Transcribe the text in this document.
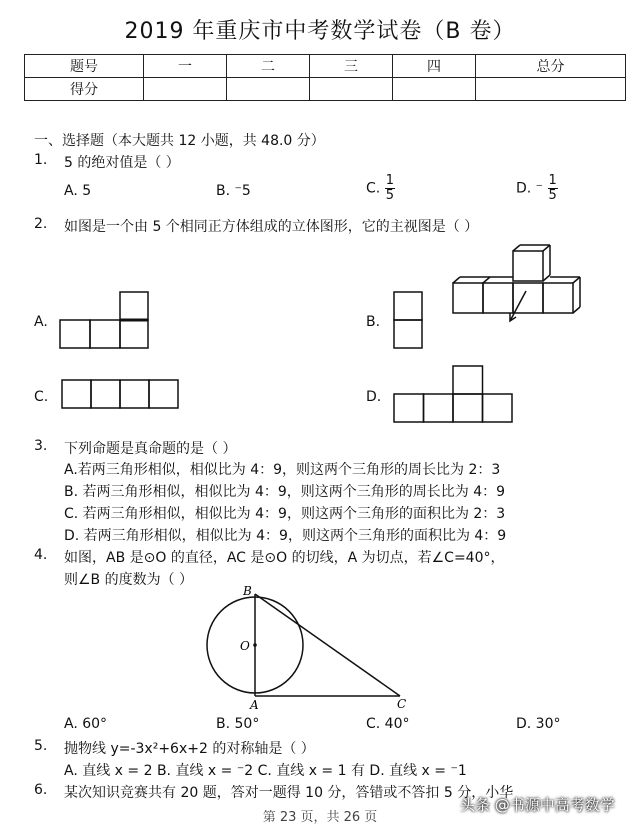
2019 年重庆市中考数学试卷（B 卷）
题号	一	二	三	四	总分
得分					
一、选择题（本大题共 12 小题，共 48.0 分）
1. 5 的绝对值是（ ）
A. 5	B. ⁻5	C. $\frac{1}{5}$	D. ⁻ $\frac{1}{5}$
2. 如图是一个由 5 个相同正方体组成的立体图形，它的主视图是（ ）
A.	B.
C.	D.
3. 下列命题是真命题的是（ ）
A.若两三角形相似，相似比为 4：9，则这两个三角形的周长比为 2：3
B. 若两三角形相似，相似比为 4：9，则这两个三角形的周长比为 4：9
C. 若两三角形相似，相似比为 4：9，则这两个三角形的面积比为 2：3
D. 若两三角形相似，相似比为 4：9，则这两个三角形的面积比为 4：9
4. 如图，AB 是⊙O 的直径，AC 是⊙O 的切线，A 为切点，若∠C=40°，
则∠B 的度数为（ ）
B
O
A	C
A. 60°	B. 50°	C. 40°	D. 30°
5. 抛物线 y=-3x²+6x+2 的对称轴是（ ）
A. 直线 x = 2 B. 直线 x = ⁻2 C. 直线 x = 1 有 D. 直线 x = ⁻1
6. 某次知识竞赛共有 20 题，答对一题得 10 分，答错或不答扣 5 分，小华
第 23 页，共 26 页
头条 @书源中高考数学
